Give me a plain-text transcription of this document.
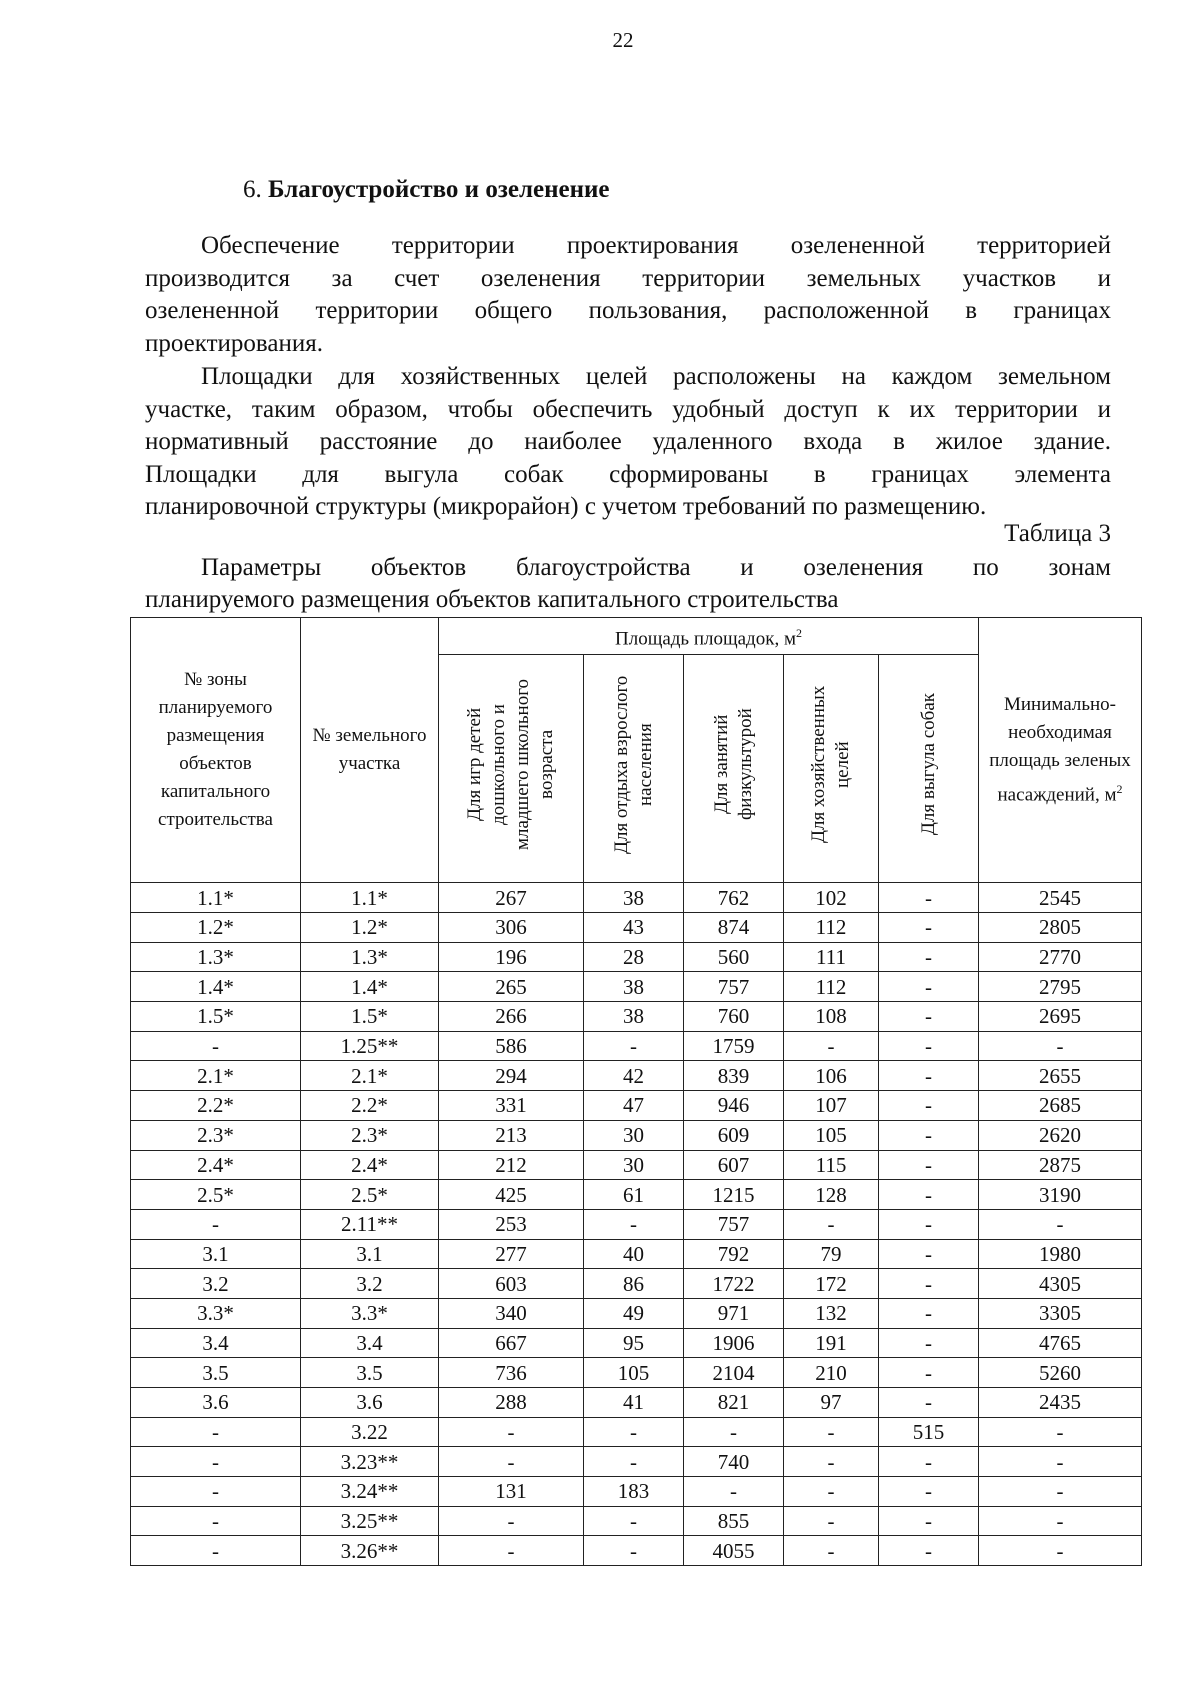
22
6. Благоустройство и озеленение
Обеспечение территории проектирования озелененной территорией
производится за счет озеленения территории земельных участков и
озелененной территории общего пользования, расположенной в границах
проектирования.
Площадки для хозяйственных целей расположены на каждом земельном
участке, таким образом, чтобы обеспечить удобный доступ к их территории и
нормативный расстояние до наиболее удаленного входа в жилое здание.
Площадки для выгула собак сформированы в границах элемента
планировочной структуры (микрорайон) с учетом требований по размещению.
Таблица 3
Параметры объектов благоустройства и озеленения по зонам
планируемого размещения объектов капитального строительства
№ зоны планируемого размещения объектов капитального строительства	№ земельного участка	Площадь площадок, $м^2$					Минимально-необходимая площадь зеленых насаждений, $м^2$
		Для игр детей дошкольного и младшего школьного возраста	Для отдыха взрослого населения	Для занятий физкультурой	Для хозяйственных целей	Для выгула собак	
1.1*	1.1*	267	38	762	102	-	2545
1.2*	1.2*	306	43	874	112	-	2805
1.3*	1.3*	196	28	560	111	-	2770
1.4*	1.4*	265	38	757	112	-	2795
1.5*	1.5*	266	38	760	108	-	2695
-	1.25**	586	-	1759	-	-	-
2.1*	2.1*	294	42	839	106	-	2655
2.2*	2.2*	331	47	946	107	-	2685
2.3*	2.3*	213	30	609	105	-	2620
2.4*	2.4*	212	30	607	115	-	2875
2.5*	2.5*	425	61	1215	128	-	3190
-	2.11**	253	-	757	-	-	-
3.1	3.1	277	40	792	79	-	1980
3.2	3.2	603	86	1722	172	-	4305
3.3*	3.3*	340	49	971	132	-	3305
3.4	3.4	667	95	1906	191	-	4765
3.5	3.5	736	105	2104	210	-	5260
3.6	3.6	288	41	821	97	-	2435
-	3.22	-	-	-	-	515	-
-	3.23**	-	-	740	-	-	-
-	3.24**	131	183	-	-	-	-
-	3.25**	-	-	855	-	-	-
-	3.26**	-	-	4055	-	-	-
